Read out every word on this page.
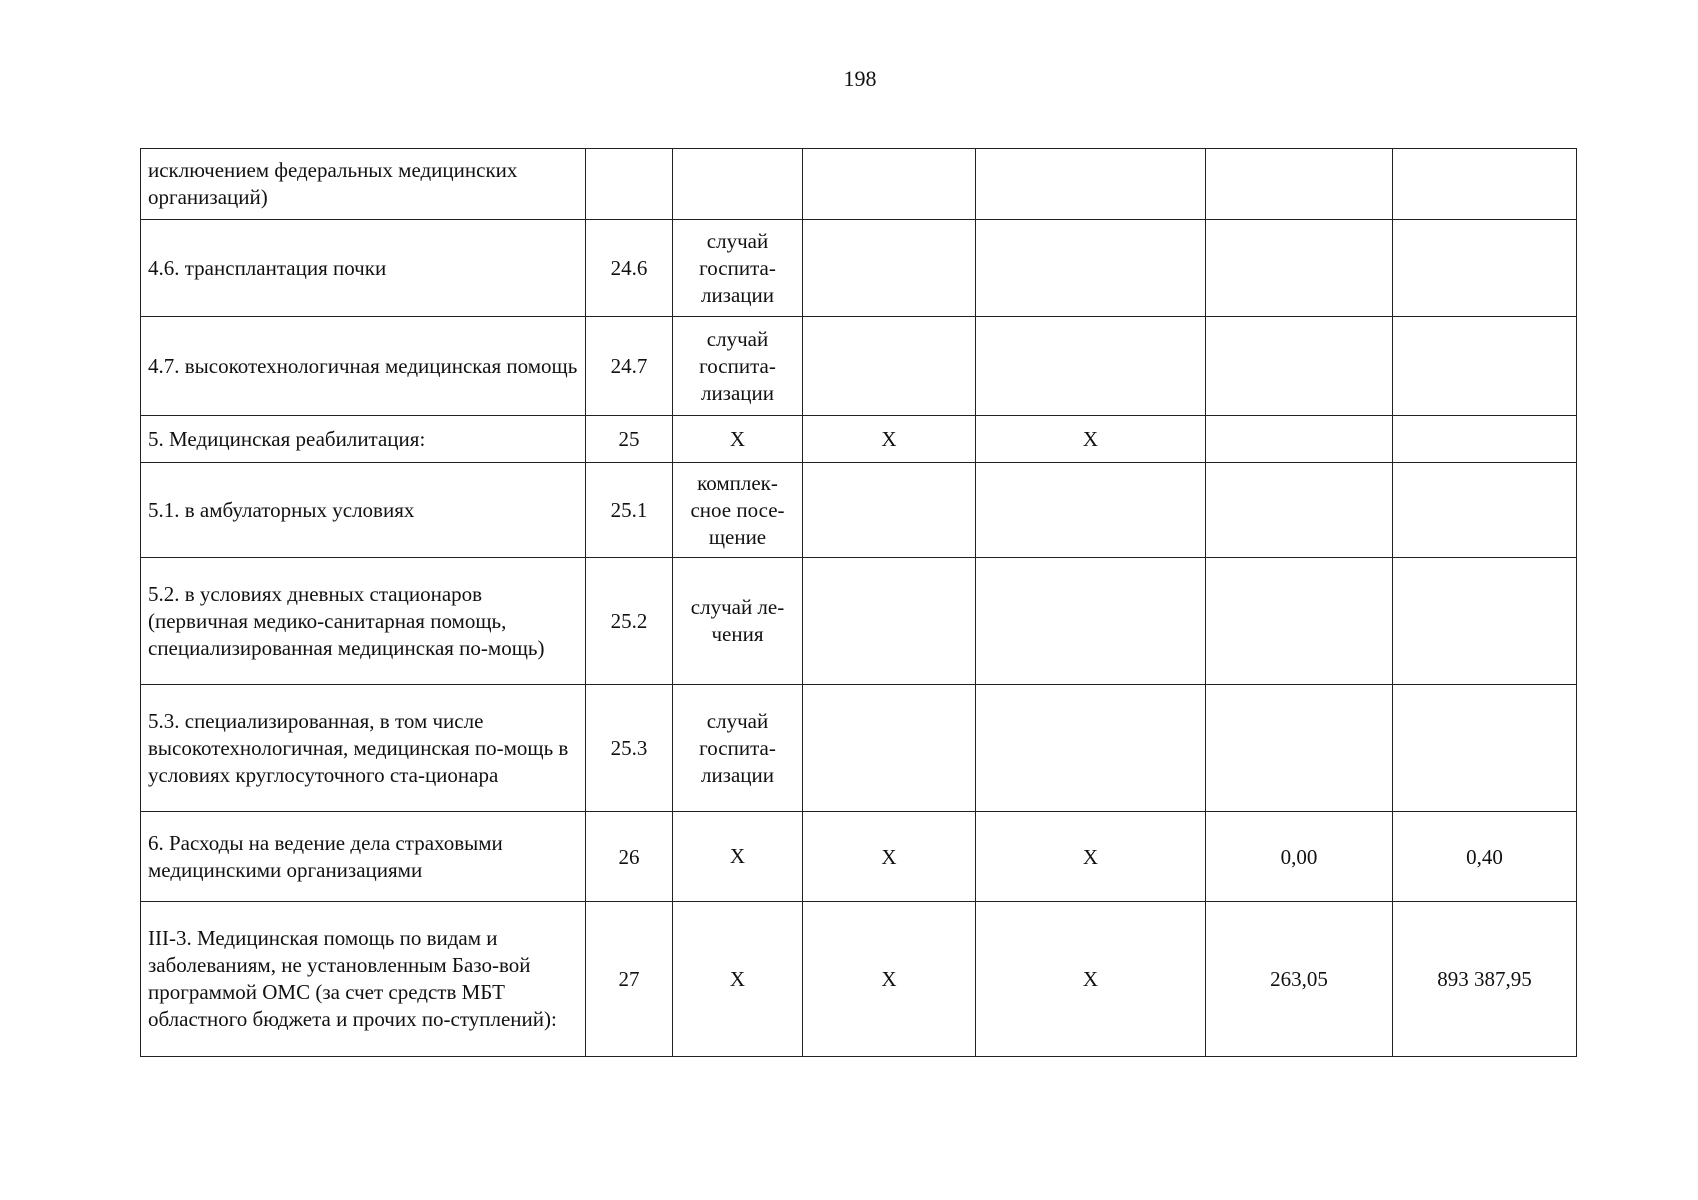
198
исключением федеральных медицинских организаций)						
4.6. трансплантация почки	24.6	случай госпита-лизации				
4.7. высокотехнологичная медицинская помощь	24.7	случай госпита-лизации				
5. Медицинская реабилитация:	25	X	X	X		
5.1. в амбулаторных условиях	25.1	комплек-сное посе-щение				
5.2. в условиях дневных стационаров (первичная медико-санитарная помощь, специализированная медицинская по-мощь)	25.2	случай ле-чения				
5.3. специализированная, в том числе высокотехнологичная, медицинская по-мощь в условиях круглосуточного ста-ционара	25.3	случай госпита-лизации				
6. Расходы на ведение дела страховыми медицинскими организациями	26	X	X	X	0,00	0,40
III-3. Медицинская помощь по видам и заболеваниям, не установленным Базо-вой программой ОМС (за счет средств МБТ областного бюджета и прочих по-ступлений):	27	X	X	X	263,05	893 387,95
